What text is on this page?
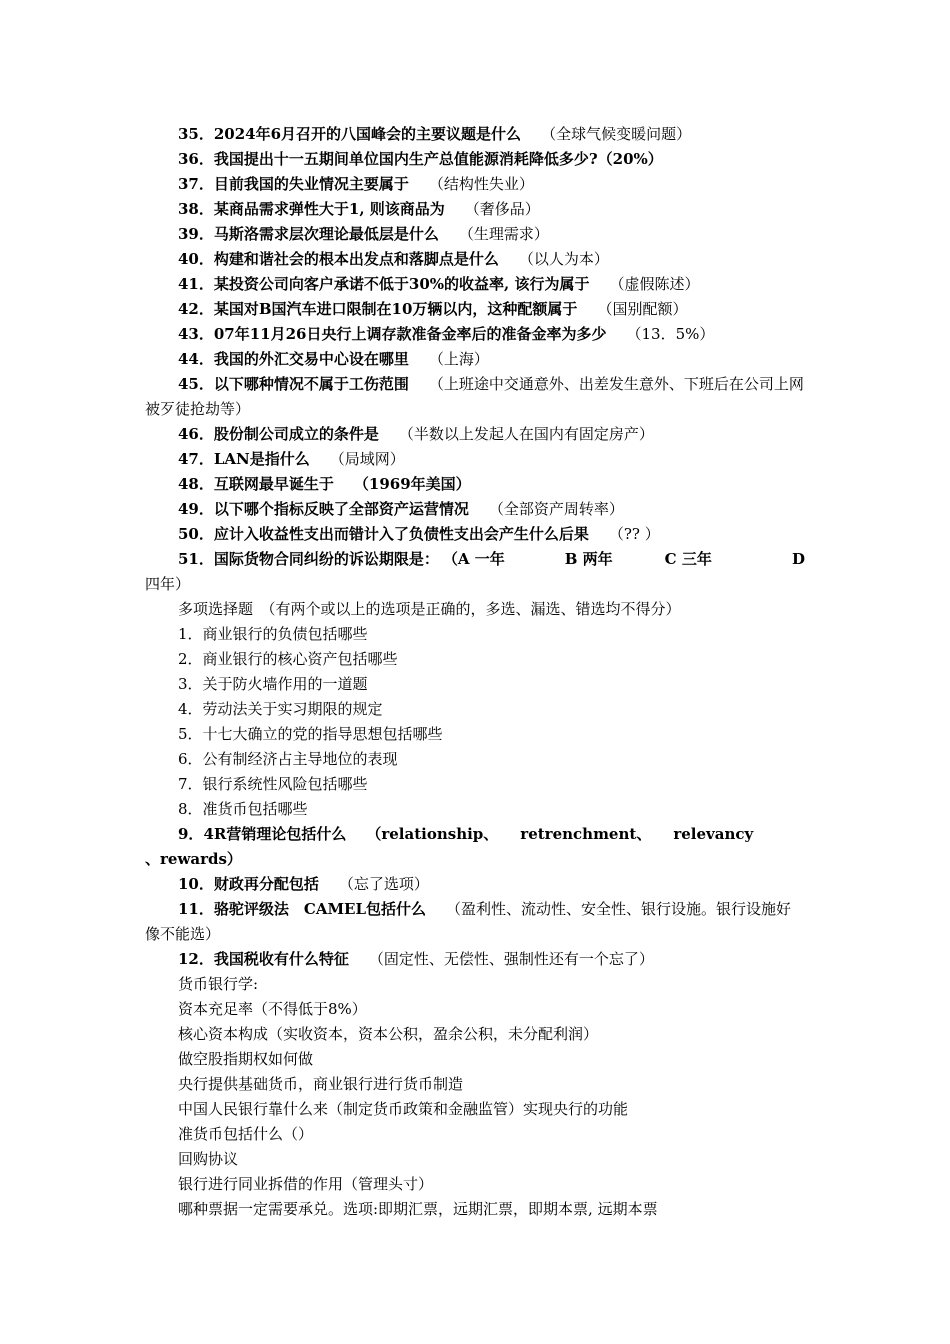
35．2024年6月召开的八国峰会的主要议题是什么 （全球气候变暖问题）
36．我国提出十一五期间单位国内生产总值能源消耗降低多少?（20%）
37．目前我国的失业情况主要属于 （结构性失业）
38．某商品需求弹性大于1, 则该商品为 （奢侈品）
39．马斯洛需求层次理论最低层是什么 （生理需求）
40．构建和谐社会的根本出发点和落脚点是什么 （以人为本）
41．某投资公司向客户承诺不低于30%的收益率, 该行为属于 （虚假陈述）
42．某国对B国汽车进口限制在10万辆以内，这种配额属于 （国别配额）
43．07年11月26日央行上调存款准备金率后的准备金率为多少 （13．5%）
44．我国的外汇交易中心设在哪里 （上海）
45．以下哪种情况不属于工伤范围 （上班途中交通意外、出差发生意外、下班后在公司上网被歹徒抢劫等）
46．股份制公司成立的条件是 （半数以上发起人在国内有固定房产）
47．LAN是指什么 （局域网）
48．互联网最早诞生于 （1969年美国）
49．以下哪个指标反映了全部资产运营情况 （全部资产周转率）
50．应计入收益性支出而错计入了负债性支出会产生什么后果 （?? ）
51．国际货物合同纠纷的诉讼期限是： （A 一年	B 两年	C 三年	D
四年）
多项选择题　（有两个或以上的选项是正确的，多选、漏选、错选均不得分）
1．商业银行的负债包括哪些
2．商业银行的核心资产包括哪些
3．关于防火墙作用的一道题
4．劳动法关于实习期限的规定
5．十七大确立的党的指导思想包括哪些
6．公有制经济占主导地位的表现
7．银行系统性风险包括哪些
8．准货币包括哪些
9．4R营销理论包括什么 （relationship、 retrenchment、 relevancy
、rewards）
10．财政再分配包括 （忘了选项）
11．骆驼评级法　CAMEL包括什么 （盈利性、流动性、安全性、银行设施。银行设施好像不能选）
12．我国税收有什么特征 （固定性、无偿性、强制性还有一个忘了）
货币银行学:
资本充足率（不得低于8%）
核心资本构成（实收资本，资本公积，盈余公积，未分配利润）
做空股指期权如何做
央行提供基础货币，商业银行进行货币制造
中国人民银行靠什么来（制定货币政策和金融监管）实现央行的功能
准货币包括什么（）
回购协议
银行进行同业拆借的作用（管理头寸）
哪种票据一定需要承兑。选项:即期汇票，远期汇票，即期本票, 远期本票
